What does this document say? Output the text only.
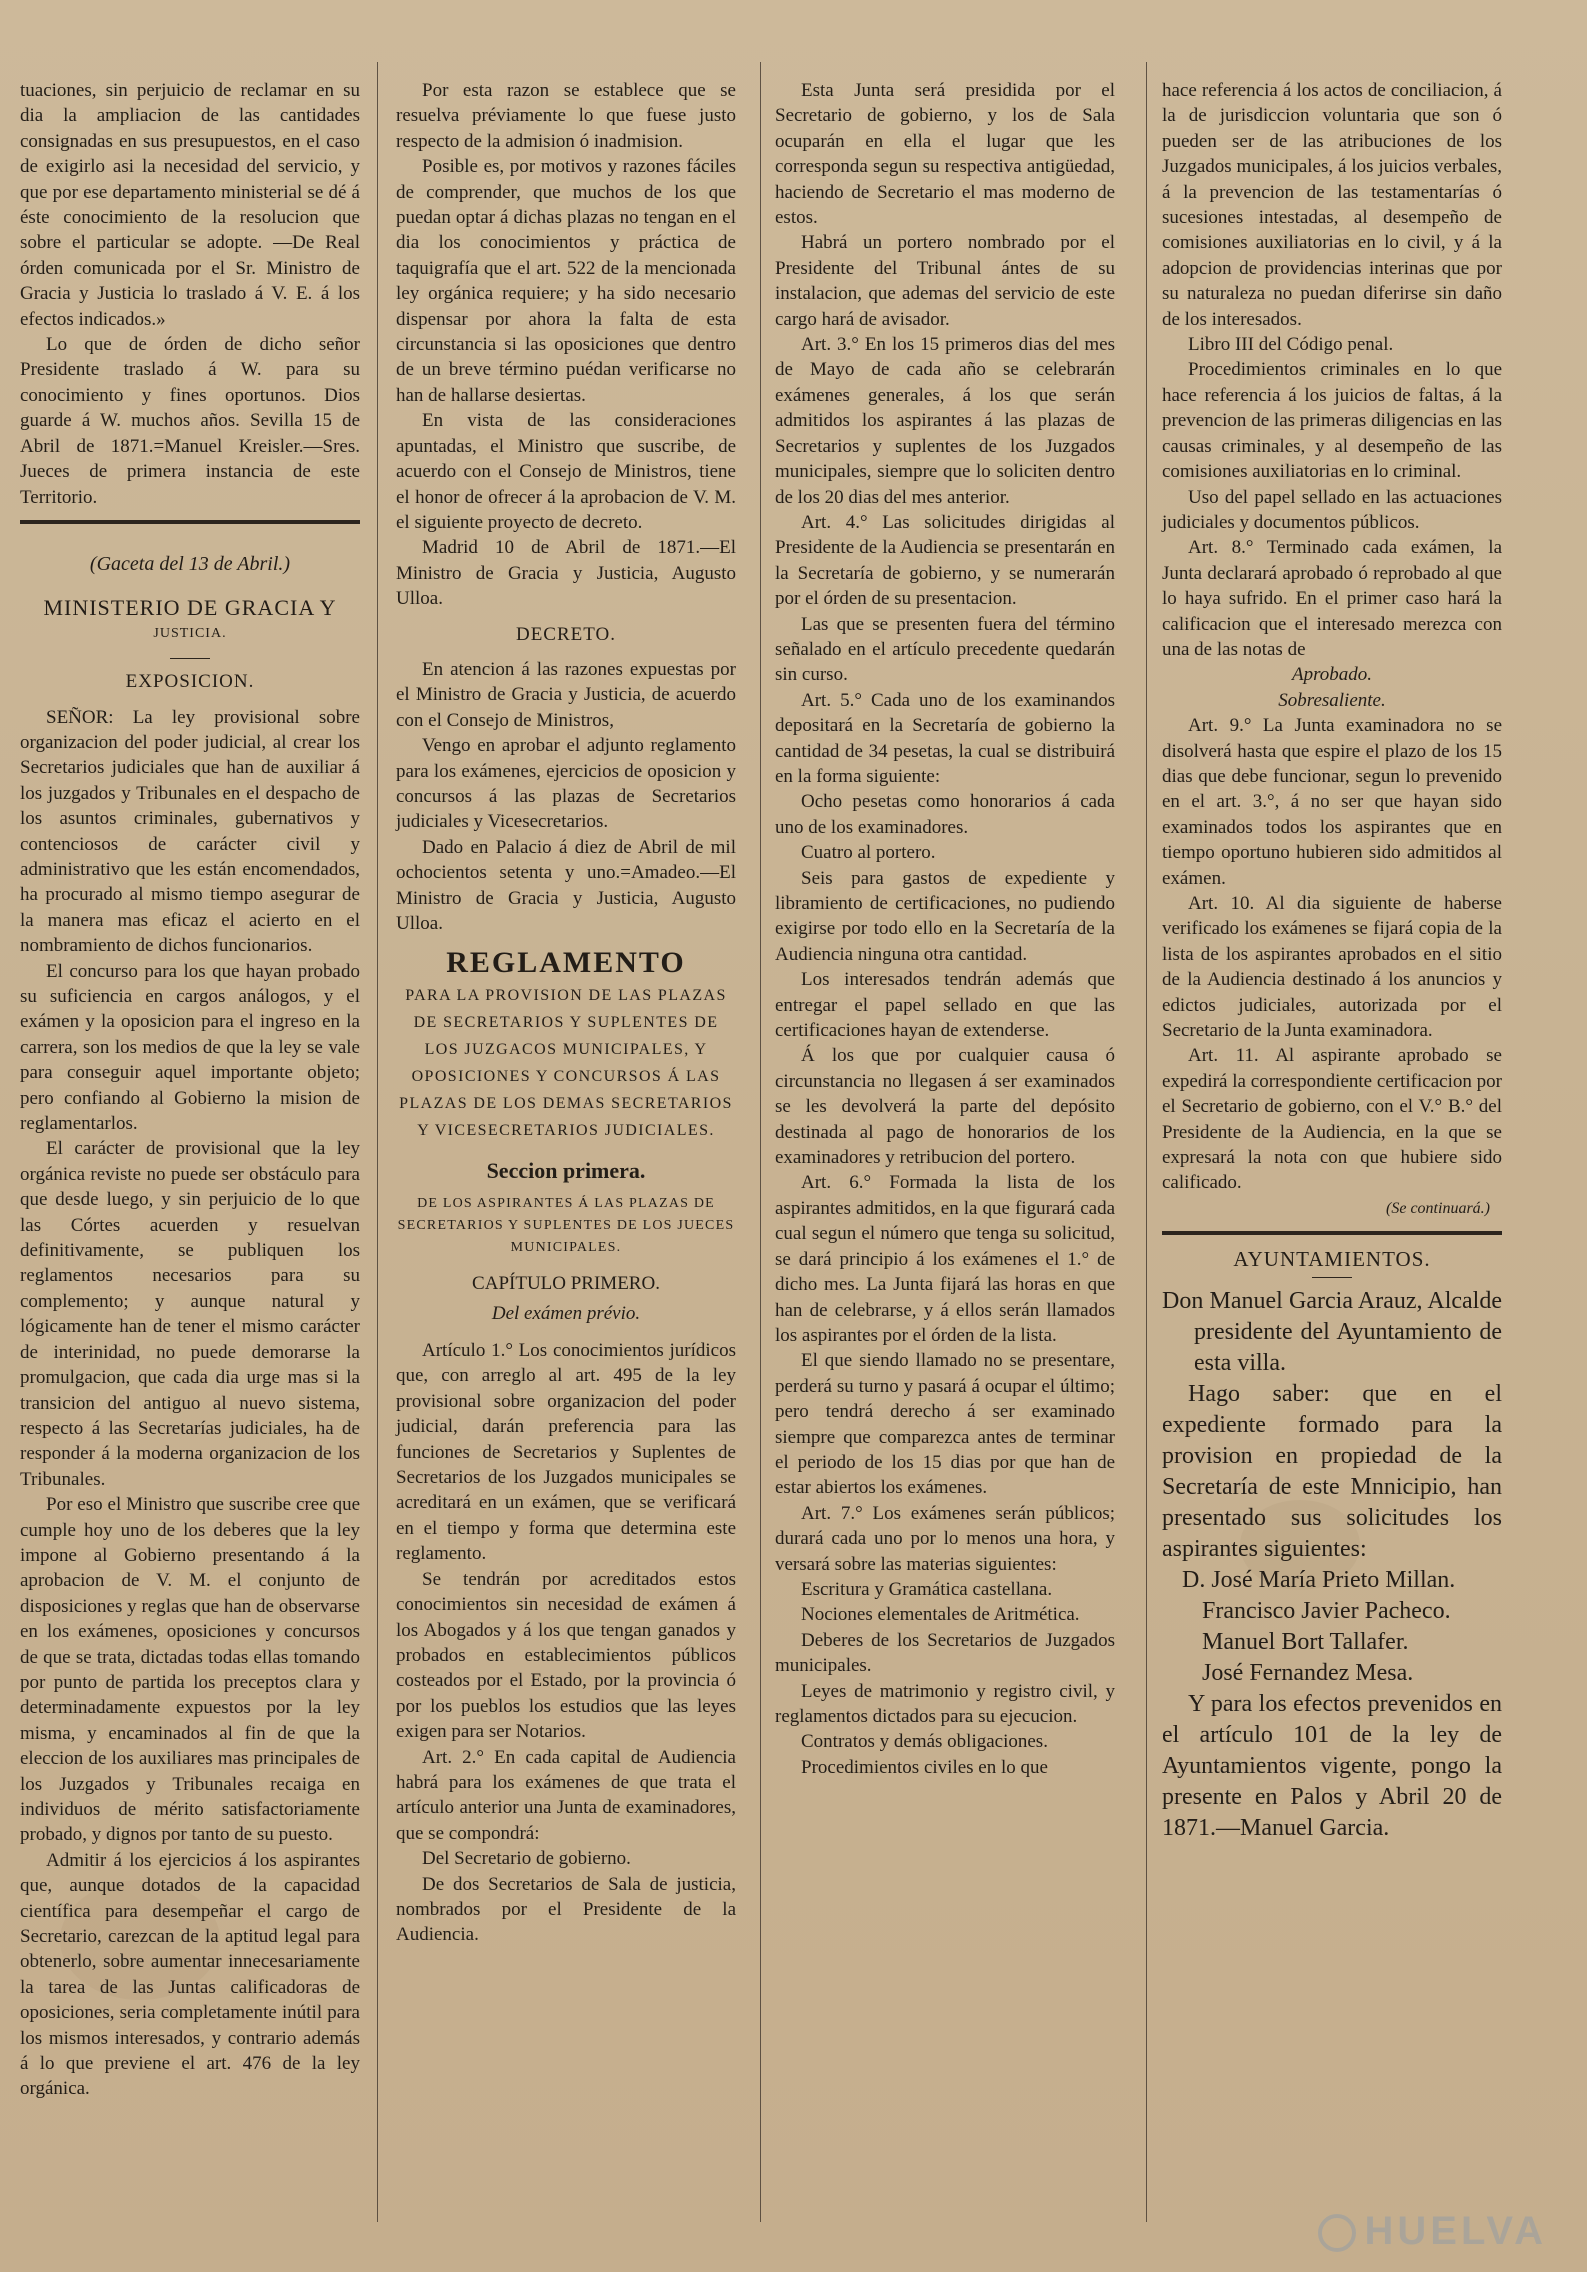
tuaciones, sin perjuicio de reclamar en su dia la ampliacion de las cantidades consignadas en sus presupuestos, en el caso de exigirlo asi la necesidad del servicio, y que por ese departamento ministerial se dé á éste conocimiento de la resolucion que sobre el particular se adopte. —De Real órden comunicada por el Sr. Ministro de Gracia y Justicia lo traslado á V. E. á los efectos indicados.»

Lo que de órden de dicho señor Presidente traslado á W. para su conocimiento y fines oportunos. Dios guarde á W. muchos años. Sevilla 15 de Abril de 1871.=Manuel Kreisler.—Sres. Jueces de primera instancia de este Territorio.

(Gaceta del 13 de Abril.)

MINISTERIO DE GRACIA Y

JUSTICIA.

EXPOSICION.

SEÑOR: La ley provisional sobre organizacion del poder judicial, al crear los Secretarios judiciales que han de auxiliar á los juzgados y Tribunales en el despacho de los asuntos criminales, gubernativos y contenciosos de carácter civil y administrativo que les están encomendados, ha procurado al mismo tiempo asegurar de la manera mas eficaz el acierto en el nombramiento de dichos funcionarios.

El concurso para los que hayan probado su suficiencia en cargos análogos, y el exámen y la oposicion para el ingreso en la carrera, son los medios de que la ley se vale para conseguir aquel importante objeto; pero confiando al Gobierno la mision de reglamentarlos.

El carácter de provisional que la ley orgánica reviste no puede ser obstáculo para que desde luego, y sin perjuicio de lo que las Córtes acuerden y resuelvan definitivamente, se publiquen los reglamentos necesarios para su complemento; y aunque natural y lógicamente han de tener el mismo carácter de interinidad, no puede demorarse la promulgacion, que cada dia urge mas si la transicion del antiguo al nuevo sistema, respecto á las Secretarías judiciales, ha de responder á la moderna organizacion de los Tribunales.

Por eso el Ministro que suscribe cree que cumple hoy uno de los deberes que la ley impone al Gobierno presentando á la aprobacion de V. M. el conjunto de disposiciones y reglas que han de observarse en los exámenes, oposiciones y concursos de que se trata, dictadas todas ellas tomando por punto de partida los preceptos clara y determinadamente expuestos por la ley misma, y encaminados al fin de que la eleccion de los auxiliares mas principales de los Juzgados y Tribunales recaiga en individuos de mérito satisfactoriamente probado, y dignos por tanto de su puesto.

Admitir á los ejercicios á los aspirantes que, aunque dotados de la capacidad científica para desempeñar el cargo de Secretario, carezcan de la aptitud legal para obtenerlo, sobre aumentar innecesariamente la tarea de las Juntas calificadoras de oposiciones, seria completamente inútil para los mismos interesados, y contrario además á lo que previene el art. 476 de la ley orgánica.

Por esta razon se establece que se resuelva préviamente lo que fuese justo respecto de la admision ó inadmision.

Posible es, por motivos y razones fáciles de comprender, que muchos de los que puedan optar á dichas plazas no tengan en el dia los conocimientos y práctica de taquigrafía que el art. 522 de la mencionada ley orgánica requiere; y ha sido necesario dispensar por ahora la falta de esta circunstancia si las oposiciones que dentro de un breve término puédan verificarse no han de hallarse desiertas.

En vista de las consideraciones apuntadas, el Ministro que suscribe, de acuerdo con el Consejo de Ministros, tiene el honor de ofrecer á la aprobacion de V. M. el siguiente proyecto de decreto.

Madrid 10 de Abril de 1871.—El Ministro de Gracia y Justicia, Augusto Ulloa.

DECRETO.

En atencion á las razones expuestas por el Ministro de Gracia y Justicia, de acuerdo con el Consejo de Ministros,

Vengo en aprobar el adjunto reglamento para los exámenes, ejercicios de oposicion y concursos á las plazas de Secretarios judiciales y Vicesecretarios.

Dado en Palacio á diez de Abril de mil ochocientos setenta y uno.=Amadeo.—El Ministro de Gracia y Justicia, Augusto Ulloa.

REGLAMENTO

PARA LA PROVISION DE LAS PLAZAS DE SECRETARIOS Y SUPLENTES DE LOS JUZGACOS MUNICIPALES, Y OPOSICIONES Y CONCURSOS Á LAS PLAZAS DE LOS DEMAS SECRETARIOS Y VICESECRETARIOS JUDICIALES.

Seccion primera.

DE LOS ASPIRANTES Á LAS PLAZAS DE SECRETARIOS Y SUPLENTES DE LOS JUECES MUNICIPALES.

CAPÍTULO PRIMERO.

Del exámen prévio.

Artículo 1.° Los conocimientos jurídicos que, con arreglo al art. 495 de la ley provisional sobre organizacion del poder judicial, darán preferencia para las funciones de Secretarios y Suplentes de Secretarios de los Juzgados municipales se acreditará en un exámen, que se verificará en el tiempo y forma que determina este reglamento.

Se tendrán por acreditados estos conocimientos sin necesidad de exámen á los Abogados y á los que tengan ganados y probados en establecimientos públicos costeados por el Estado, por la provincia ó por los pueblos los estudios que las leyes exigen para ser Notarios.

Art. 2.° En cada capital de Audiencia habrá para los exámenes de que trata el artículo anterior una Junta de examinadores, que se compondrá:

Del Secretario de gobierno.

De dos Secretarios de Sala de justicia, nombrados por el Presidente de la Audiencia.

Esta Junta será presidida por el Secretario de gobierno, y los de Sala ocuparán en ella el lugar que les corresponda segun su respectiva antigüedad, haciendo de Secretario el mas moderno de estos.

Habrá un portero nombrado por el Presidente del Tribunal ántes de su instalacion, que ademas del servicio de este cargo hará de avisador.

Art. 3.° En los 15 primeros dias del mes de Mayo de cada año se celebrarán exámenes generales, á los que serán admitidos los aspirantes á las plazas de Secretarios y suplentes de los Juzgados municipales, siempre que lo soliciten dentro de los 20 dias del mes anterior.

Art. 4.° Las solicitudes dirigidas al Presidente de la Audiencia se presentarán en la Secretaría de gobierno, y se numerarán por el órden de su presentacion.

Las que se presenten fuera del término señalado en el artículo precedente quedarán sin curso.

Art. 5.° Cada uno de los examinandos depositará en la Secretaría de gobierno la cantidad de 34 pesetas, la cual se distribuirá en la forma siguiente:

Ocho pesetas como honorarios á cada uno de los examinadores.

Cuatro al portero.

Seis para gastos de expediente y libramiento de certificaciones, no pudiendo exigirse por todo ello en la Secretaría de la Audiencia ninguna otra cantidad.

Los interesados tendrán además que entregar el papel sellado en que las certificaciones hayan de extenderse.

Á los que por cualquier causa ó circunstancia no llegasen á ser examinados se les devolverá la parte del depósito destinada al pago de honorarios de los examinadores y retribucion del portero.

Art. 6.° Formada la lista de los aspirantes admitidos, en la que figurará cada cual segun el número que tenga su solicitud, se dará principio á los exámenes el 1.° de dicho mes. La Junta fijará las horas en que han de celebrarse, y á ellos serán llamados los aspirantes por el órden de la lista.

El que siendo llamado no se presentare, perderá su turno y pasará á ocupar el último; pero tendrá derecho á ser examinado siempre que comparezca antes de terminar el periodo de los 15 dias por que han de estar abiertos los exámenes.

Art. 7.° Los exámenes serán públicos; durará cada uno por lo menos una hora, y versará sobre las materias siguientes:

Escritura y Gramática castellana.

Nociones elementales de Aritmética.

Deberes de los Secretarios de Juzgados municipales.

Leyes de matrimonio y registro civil, y reglamentos dictados para su ejecucion.

Contratos y demás obligaciones.

Procedimientos civiles en lo que

hace referencia á los actos de conciliacion, á la de jurisdiccion voluntaria que son ó pueden ser de las atribuciones de los Juzgados municipales, á los juicios verbales, á la prevencion de las testamentarías ó sucesiones intestadas, al desempeño de comisiones auxiliatorias en lo civil, y á la adopcion de providencias interinas que por su naturaleza no puedan diferirse sin daño de los interesados.

Libro III del Código penal.

Procedimientos criminales en lo que hace referencia á los juicios de faltas, á la prevencion de las primeras diligencias en las causas criminales, y al desempeño de las comisiones auxiliatorias en lo criminal.

Uso del papel sellado en las actuaciones judiciales y documentos públicos.

Art. 8.° Terminado cada exámen, la Junta declarará aprobado ó reprobado al que lo haya sufrido. En el primer caso hará la calificacion que el interesado merezca con una de las notas de

Aprobado.

Sobresaliente.

Art. 9.° La Junta examinadora no se disolverá hasta que espire el plazo de los 15 dias que debe funcionar, segun lo prevenido en el art. 3.°, á no ser que hayan sido examinados todos los aspirantes que en tiempo oportuno hubieren sido admitidos al exámen.

Art. 10. Al dia siguiente de haberse verificado los exámenes se fijará copia de la lista de los aspirantes aprobados en el sitio de la Audiencia destinado á los anuncios y edictos judiciales, autorizada por el Secretario de la Junta examinadora.

Art. 11. Al aspirante aprobado se expedirá la correspondiente certificacion por el Secretario de gobierno, con el V.° B.° del Presidente de la Audiencia, en la que se expresará la nota con que hubiere sido calificado.

(Se continuará.)

AYUNTAMIENTOS.

Don Manuel Garcia Arauz, Alcalde presidente del Ayuntamiento de esta villa.

Hago saber: que en el expediente formado para la provision en propiedad de la Secretaría de este Mnnicipio, han presentado sus solicitudes los aspirantes siguientes:

D. José María Prieto Millan.

Francisco Javier Pacheco.

Manuel Bort Tallafer.

José Fernandez Mesa.

Y para los efectos prevenidos en el artículo 101 de la ley de Ayuntamientos vigente, pongo la presente en Palos y Abril 20 de 1871.—Manuel Garcia.

HUELVA
